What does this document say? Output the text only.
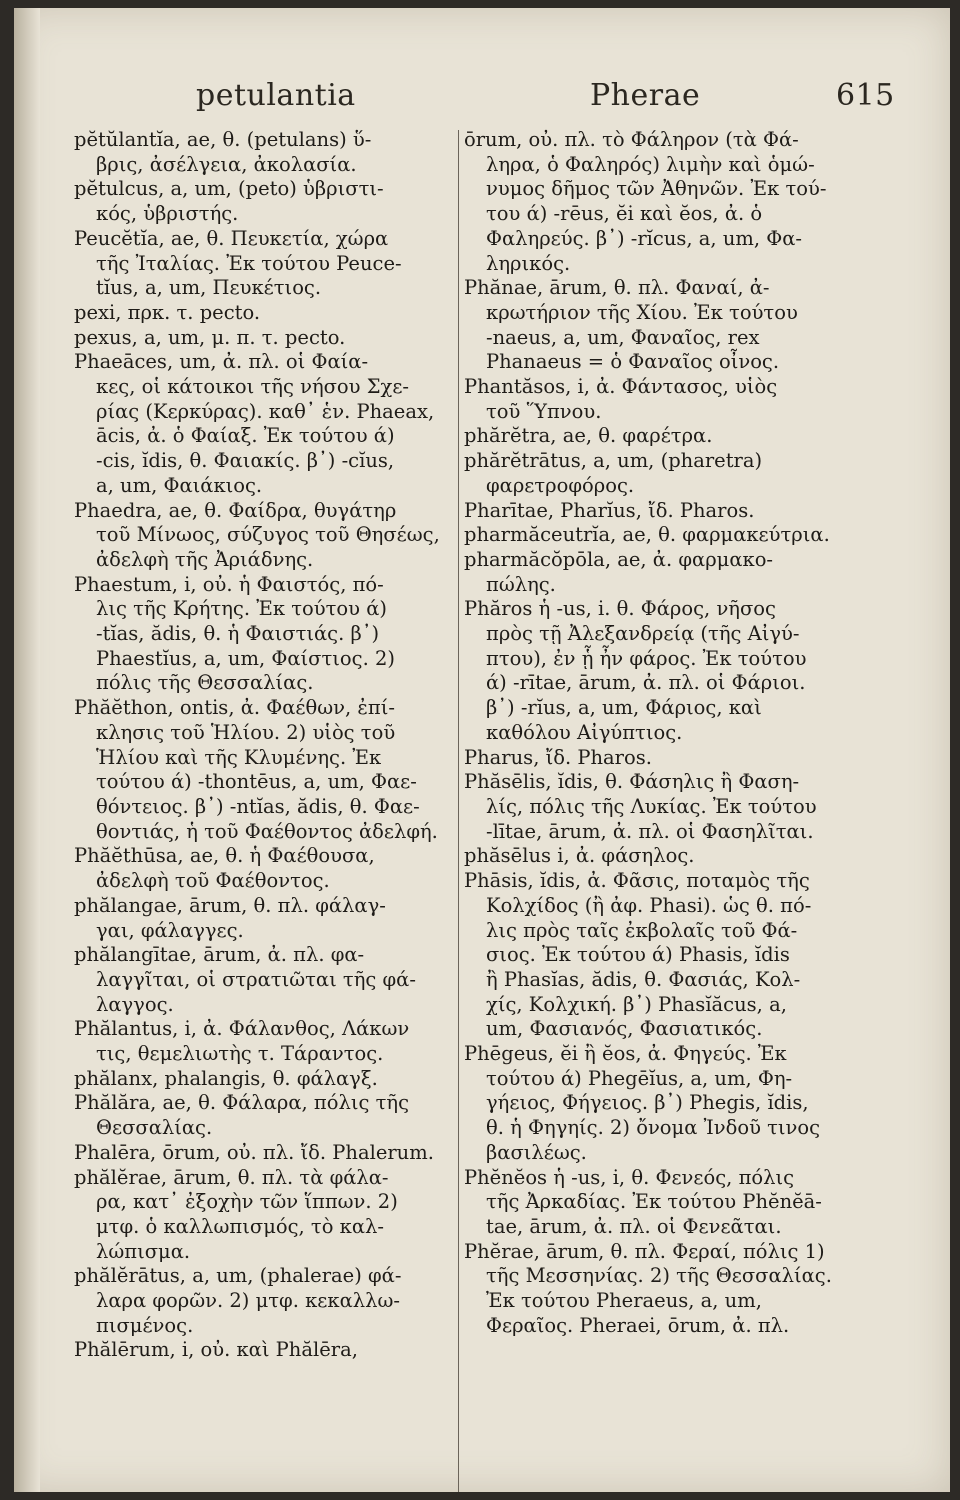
petulantia	Pherae	615
pĕtŭlantĭa, ae, θ. (petulans) ὕ-
βρις, ἀσέλγεια, ἀκολασία.
pĕtulcus, a, um, (peto) ὑβριστι-
κός, ὑβριστής.
Peucĕtĭa, ae, θ. Πευκετία, χώρα
τῆς Ἰταλίας. Ἐκ τούτου Peuce-
tĭus, a, um, Πευκέτιος.
pexi, πρκ. τ. pecto.
pexus, a, um, μ. π. τ. pecto.
Phaeāces, um, ἀ. πλ. οἱ Φαία-
κες, οἱ κάτοικοι τῆς νήσου Σχε-
ρίας (Κερκύρας). καθ᾽ ἑν. Phaeax,
ācis, ἀ. ὁ Φαίαξ. Ἐκ τούτου ά)
-cis, ĭdis, θ. Φαιακίς. β᾽) -cĭus,
a, um, Φαιάκιος.
Phaedra, ae, θ. Φαίδρα, θυγάτηρ
τοῦ Μίνωος, σύζυγος τοῦ Θησέως,
ἀδελφὴ τῆς Ἀριάδνης.
Phaestum, i, οὐ. ἡ Φαιστός, πό-
λις τῆς Κρήτης. Ἐκ τούτου ά)
-tĭas, ădis, θ. ἡ Φαιστιάς. β᾽)
Phaestĭus, a, um, Φαίστιος. 2)
πόλις τῆς Θεσσαλίας.
Phăĕthon, ontis, ἀ. Φαέθων, ἐπί-
κλησις τοῦ Ἡλίου. 2) υἱὸς τοῦ
Ἡλίου καὶ τῆς Κλυμένης. Ἐκ
τούτου ά) -thontēus, a, um, Φαε-
θόντειος. β᾽) -ntĭas, ădis, θ. Φαε-
θοντιάς, ἡ τοῦ Φαέθοντος ἀδελφή.
Phăĕthūsa, ae, θ. ἡ Φαέθουσα,
ἀδελφὴ τοῦ Φαέθοντος.
phălangae, ārum, θ. πλ. φάλαγ-
γαι, φάλαγγες.
phălangītae, ārum, ἀ. πλ. φα-
λαγγῖται, οἱ στρατιῶται τῆς φά-
λαγγος.
Phălantus, i, ἀ. Φάλανθος, Λάκων
τις, θεμελιωτὴς τ. Τάραντος.
phălanx, phalangis, θ. φάλαγξ.
Phălăra, ae, θ. Φάλαρα, πόλις τῆς
Θεσσαλίας.
Phalēra, ōrum, οὐ. πλ. ἴδ. Phalerum.
phălĕrae, ārum, θ. πλ. τὰ φάλα-
ρα, κατ᾽ ἐξοχὴν τῶν ἵππων. 2)
μτφ. ὁ καλλωπισμός, τὸ καλ-
λώπισμα.
phălĕrātus, a, um, (phalerae) φά-
λαρα φορῶν. 2) μτφ. κεκαλλω-
πισμένος.
Phălērum, i, οὐ. καὶ Phălēra,
ōrum, οὐ. πλ. τὸ Φάληρον (τὰ Φά-
ληρα, ὁ Φαληρός) λιμὴν καὶ ὁμώ-
νυμος δῆμος τῶν Ἀθηνῶν. Ἐκ τού-
του ά) -rēus, ĕi καὶ ĕos, ἀ. ὁ
Φαληρεύς. β᾽) -rĭcus, a, um, Φα-
ληρικός.
Phănae, ārum, θ. πλ. Φαναί, ἀ-
κρωτήριον τῆς Χίου. Ἐκ τούτου
-naeus, a, um, Φαναῖος, rex
Phanaeus = ὁ Φαναῖος οἶνος.
Phantăsos, i, ἀ. Φάντασος, υἱὸς
τοῦ Ὕπνου.
phărĕtra, ae, θ. φαρέτρα.
phărĕtrātus, a, um, (pharetra)
φαρετροφόρος.
Pharītae, Pharĭus, ἴδ. Pharos.
pharmăceutrĭa, ae, θ. φαρμακεύτρια.
pharmăcŏpōla, ae, ἀ. φαρμακο-
πώλης.
Phăros ἡ -us, i. θ. Φάρος, νῆσος
πρὸς τῇ Ἀλεξανδρείᾳ (τῆς Αἰγύ-
πτου), ἐν ᾗ ἦν φάρος. Ἐκ τούτου
ά) -rītae, ārum, ἀ. πλ. οἱ Φάριοι.
β᾽) -rĭus, a, um, Φάριος, καὶ
καθόλου Αἰγύπτιος.
Pharus, ἴδ. Pharos.
Phăsēlis, ĭdis, θ. Φάσηλις ἢ Φαση-
λίς, πόλις τῆς Λυκίας. Ἐκ τούτου
-lītae, ārum, ἀ. πλ. οἱ Φασηλῖται.
phăsēlus i, ἀ. φάσηλος.
Phāsis, ĭdis, ἀ. Φᾶσις, ποταμὸς τῆς
Κολχίδος (ἢ ἀφ. Phasi). ὡς θ. πό-
λις πρὸς ταῖς ἐκβολαῖς τοῦ Φά-
σιος. Ἐκ τούτου ά) Phasis, ĭdis
ἢ Phasĭas, ădis, θ. Φασιάς, Κολ-
χίς, Κολχική. β᾽) Phasĭăcus, a,
um, Φασιανός, Φασιατικός.
Phēgeus, ĕi ἢ ĕos, ἀ. Φηγεύς. Ἐκ
τούτου ά) Phegēĭus, a, um, Φη-
γήειος, Φήγειος. β᾽) Phegis, ĭdis,
θ. ἡ Φηγηίς. 2) ὄνομα Ἰνδοῦ τινος
βασιλέως.
Phĕnĕos ἡ -us, i, θ. Φενεός, πόλις
τῆς Ἀρκαδίας. Ἐκ τούτου Phĕnĕā-
tae, ārum, ἀ. πλ. οἱ Φενεᾶται.
Phĕrae, ārum, θ. πλ. Φεραί, πόλις 1)
τῆς Μεσσηνίας. 2) τῆς Θεσσαλίας.
Ἐκ τούτου Pheraeus, a, um,
Φεραῖος. Pheraei, ōrum, ἀ. πλ.
